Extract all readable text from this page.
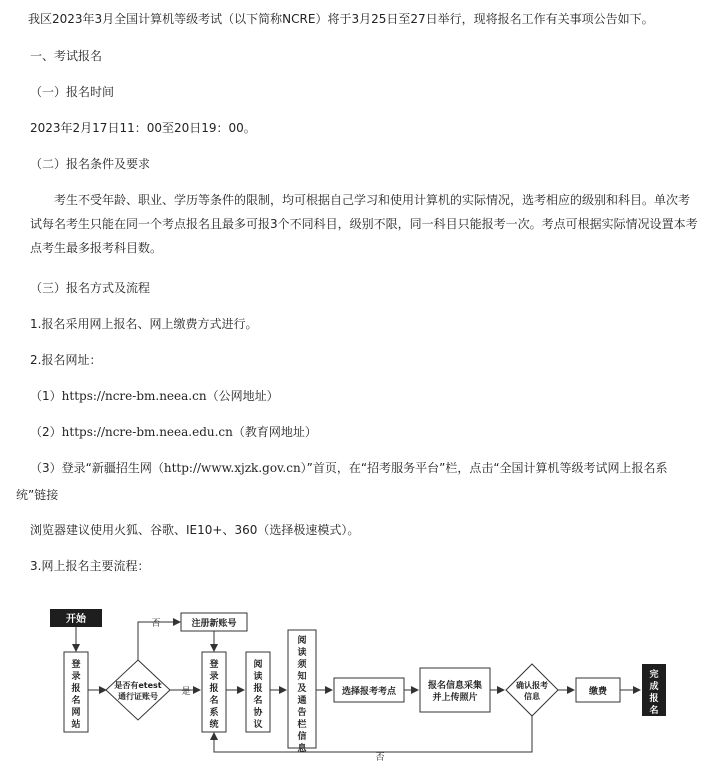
我区2023年3月全国计算机等级考试（以下简称NCRE）将于3月25日至27日举行，现将报名工作有关事项公告如下。
一、考试报名
（一）报名时间
2023年2月17日11：00至20日19：00。
（二）报名条件及要求
考生不受年龄、职业、学历等条件的限制，均可根据自己学习和使用计算机的实际情况，选考相应的级别和科目。单次考试每名考生只能在同一个考点报名且最多可报3个不同科目，级别不限，同一科目只能报考一次。考点可根据实际情况设置本考点考生最多报考科目数。
（三）报名方式及流程
1.报名采用网上报名、网上缴费方式进行。
2.报名网址：
（1）https://ncre-bm.neea.cn（公网地址）
（2）https://ncre-bm.neea.edu.cn（教育网地址）
（3）登录“新疆招生网（http://www.xjzk.gov.cn）”首页，在“招考服务平台”栏，点击“全国计算机等级考试网上报名系
统”链接
浏览器建议使用火狐、谷歌、IE10+、360（选择极速模式）。
3.网上报名主要流程：
开始
登
录
报
名
网
站
是否有etest
通行证账号
否	注册新账号
是
登
录
报
名
系
统
阅
读
报
名
协
议
阅
读
须
知
及
通
告
栏
信
息
选择报考考点
报名信息采集
并上传照片
确认报考
信息	缴费
完
成
报
名
否
